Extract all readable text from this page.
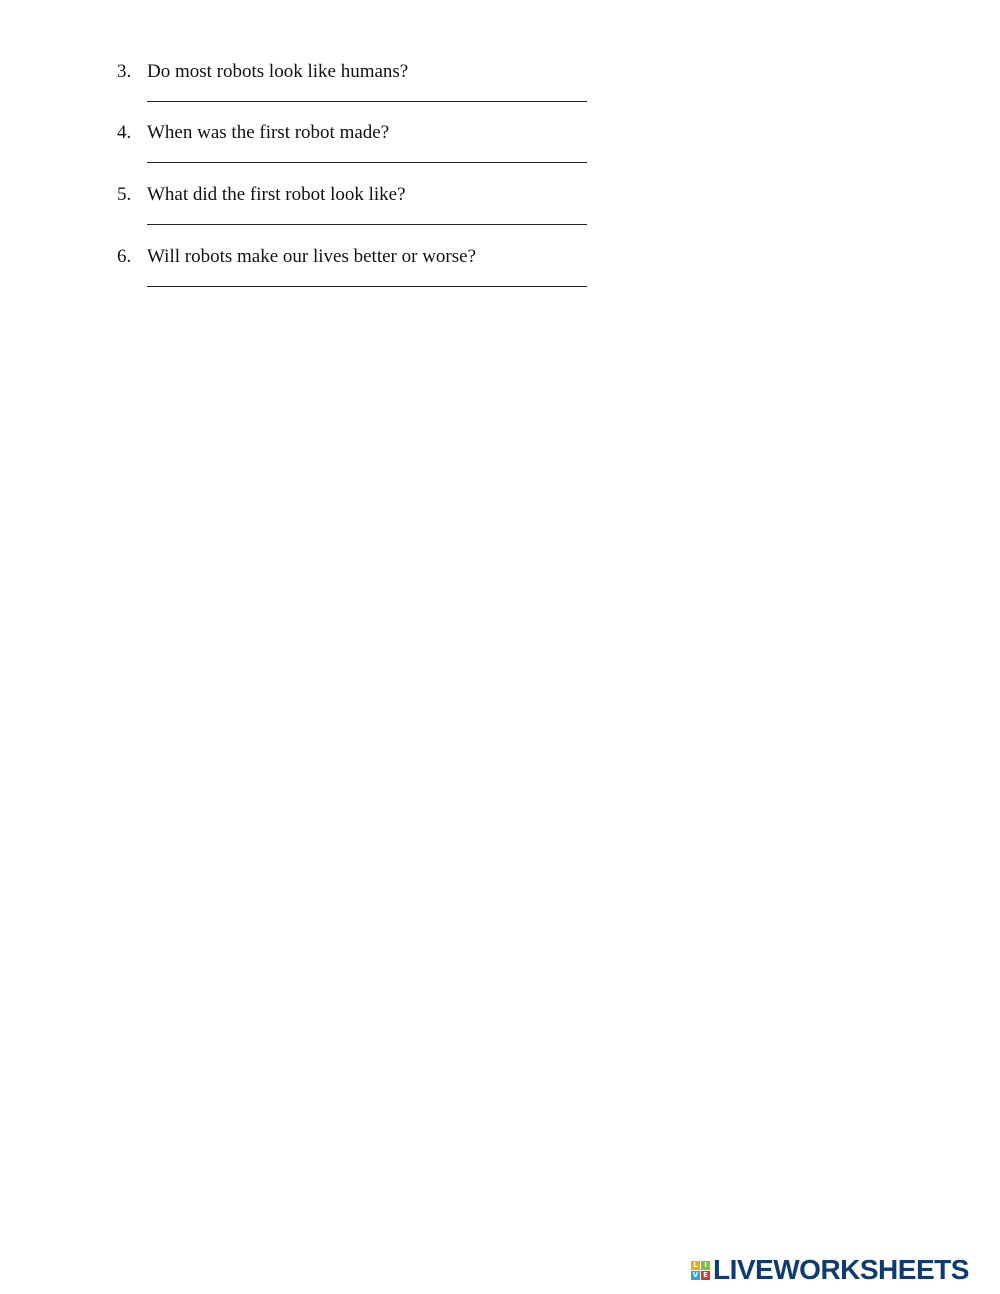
3. Do most robots look like humans?
4. When was the first robot made?
5. What did the first robot look like?
6. Will robots make our lives better or worse?
L I
V E LIVEWORKSHEETS
